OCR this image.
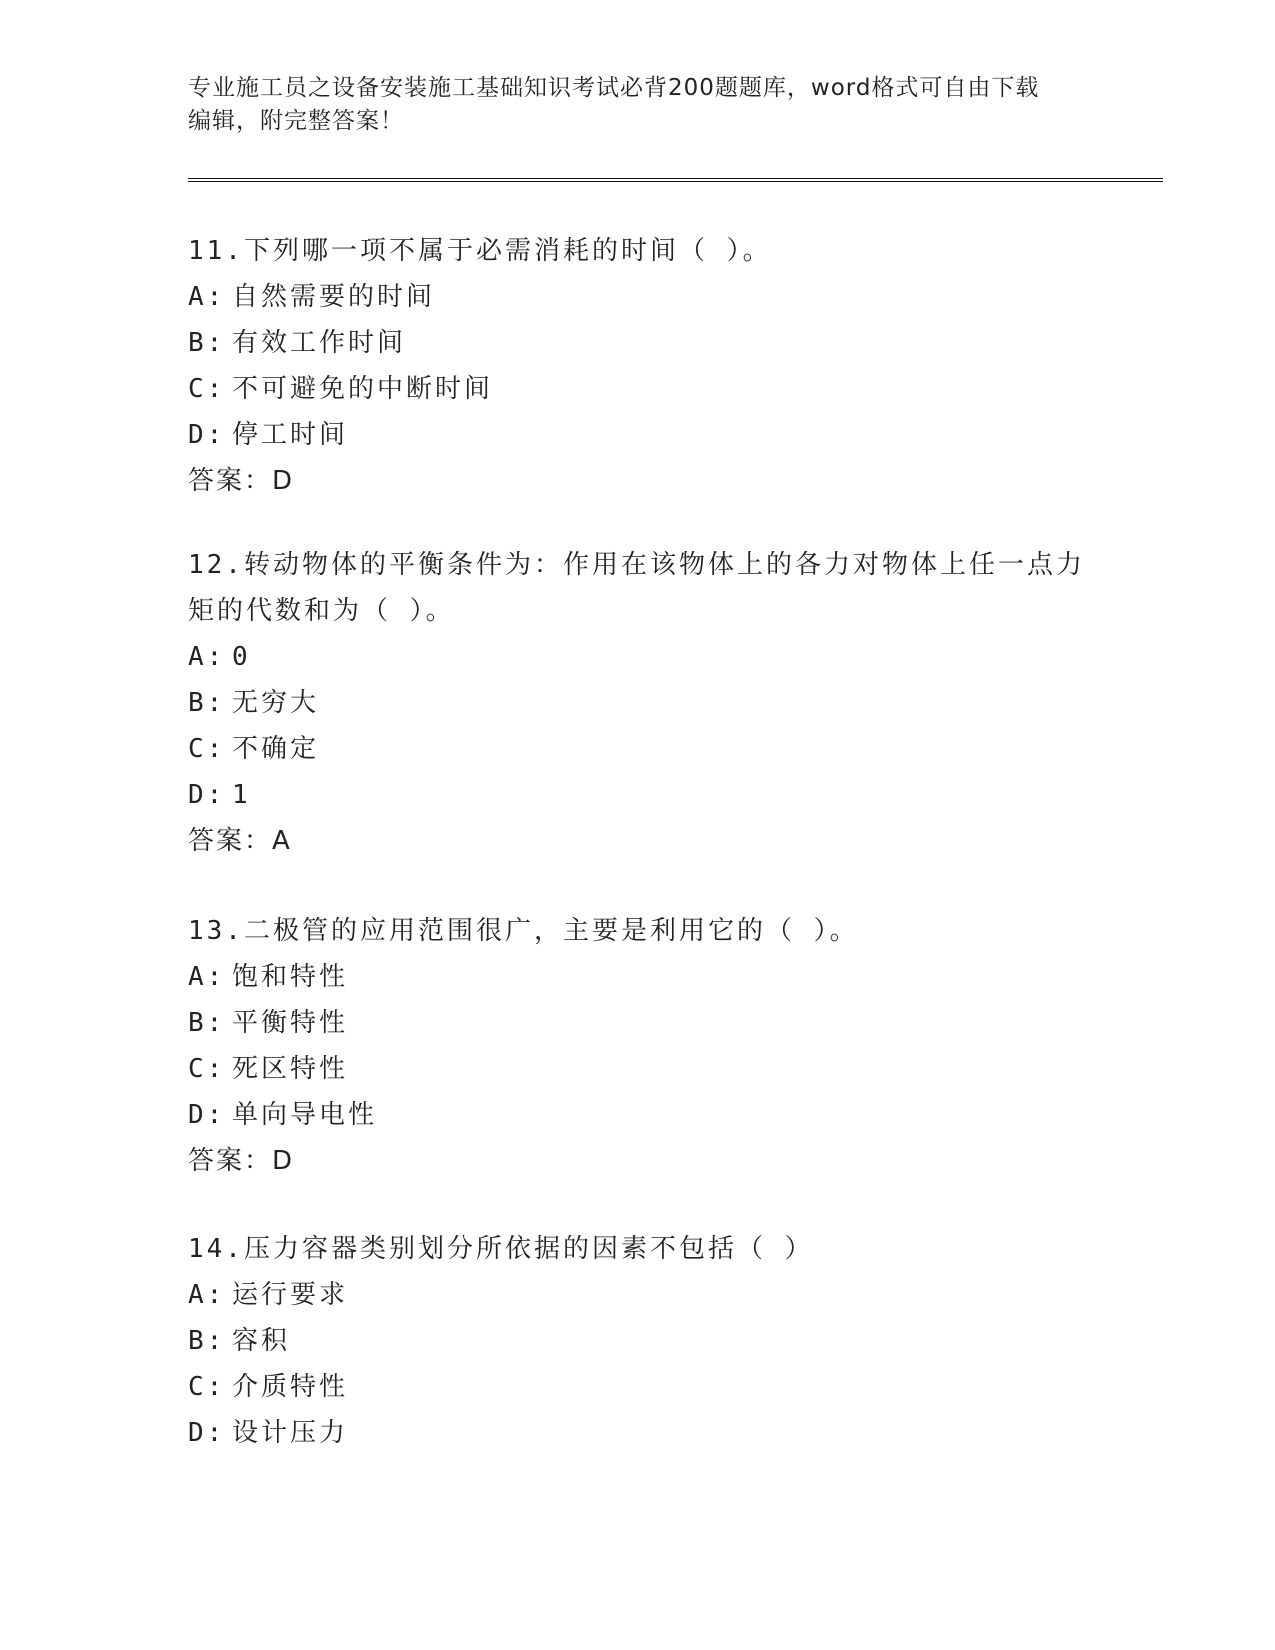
专业施工员之设备安装施工基础知识考试必背200题题库，word格式可自由下载
编辑，附完整答案！
11.下列哪一项不属于必需消耗的时间（ ）。
A: 自然需要的时间
B: 有效工作时间
C: 不可避免的中断时间
D: 停工时间
答案：D
12.转动物体的平衡条件为：作用在该物体上的各力对物体上任一点力
矩的代数和为（ ）。
A: 0
B: 无穷大
C: 不确定
D: 1
答案：A
13.二极管的应用范围很广，主要是利用它的（ ）。
A: 饱和特性
B: 平衡特性
C: 死区特性
D: 单向导电性
答案：D
14.压力容器类别划分所依据的因素不包括（ ）
A: 运行要求
B: 容积
C: 介质特性
D: 设计压力
